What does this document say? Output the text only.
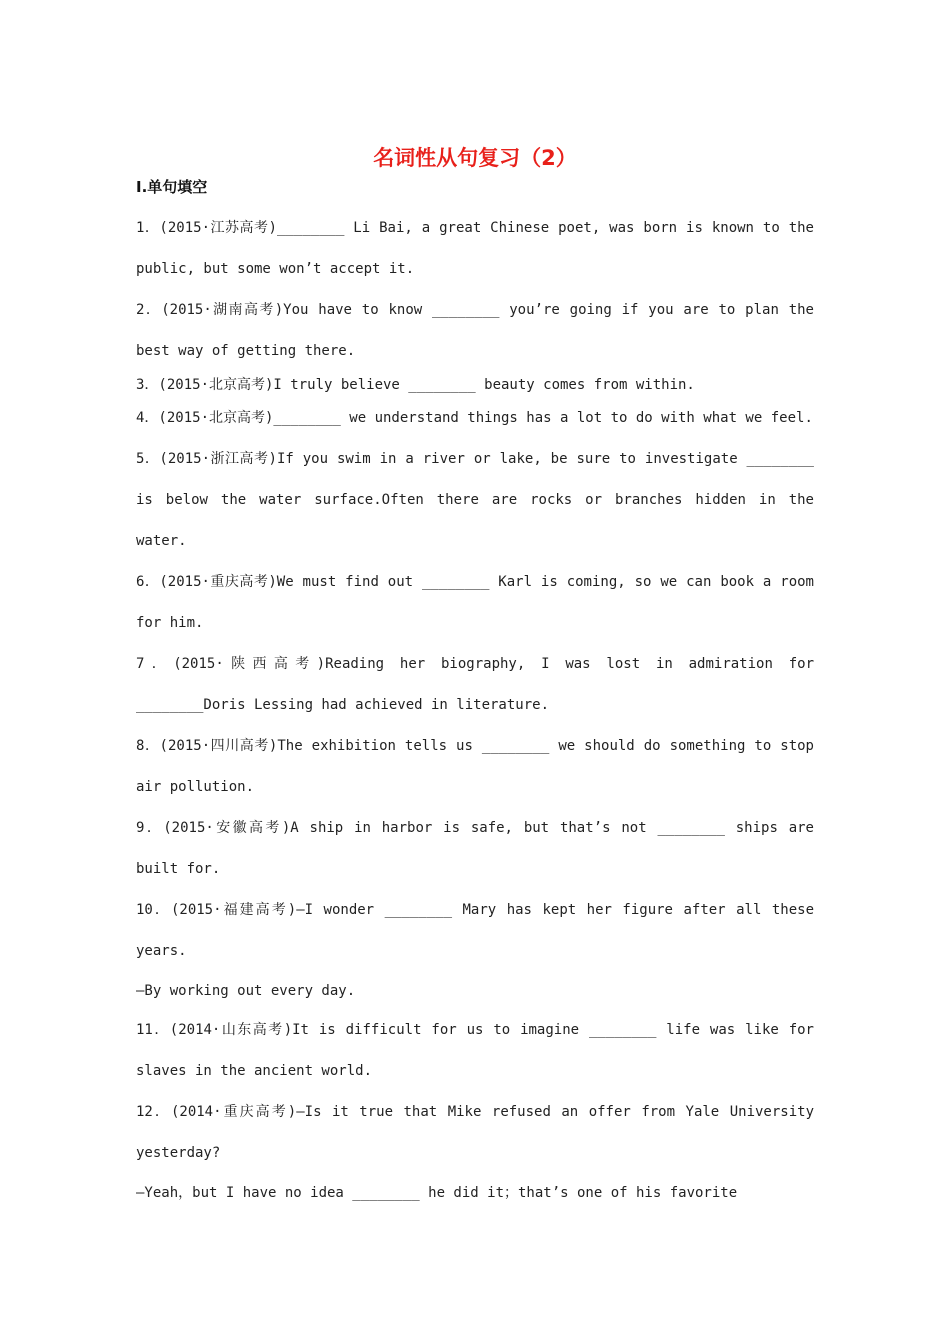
名词性从句复习（2）
I.单句填空

1．(2015·江苏高考)________ Li Bai, a great Chinese poet, was born is known to the public, but some won’t accept it.

2．(2015·湖南高考)You have to know ________ you’re going if you are to plan the best way of getting there.

3．(2015·北京高考)I truly believe ________ beauty comes from within.

4．(2015·北京高考)________ we understand things has a lot to do with what we feel.

5．(2015·浙江高考)If you swim in a river or lake, be sure to investigate ________ is below the water surface.Often there are rocks or branches hidden in the water.

6．(2015·重庆高考)We must find out ________ Karl is coming, so we can book a room for him.

7．(2015·陕西高考)Reading her biography, I was lost in admiration for ________Doris Lessing had achieved in literature.

8．(2015·四川高考)The exhibition tells us ________ we should do something to stop air pollution.

9．(2015·安徽高考)A ship in harbor is safe, but that’s not ________ ships are built for.

10．(2015·福建高考)—I wonder ________ Mary has kept her figure after all these years.

—By working out every day.

11．(2014·山东高考)It is difficult for us to imagine ________ life was like for slaves in the ancient world.

12．(2014·重庆高考)—Is it true that Mike refused an offer from Yale University yesterday?

—Yeah，but I have no idea ________ he did it；that’s one of his favorite
